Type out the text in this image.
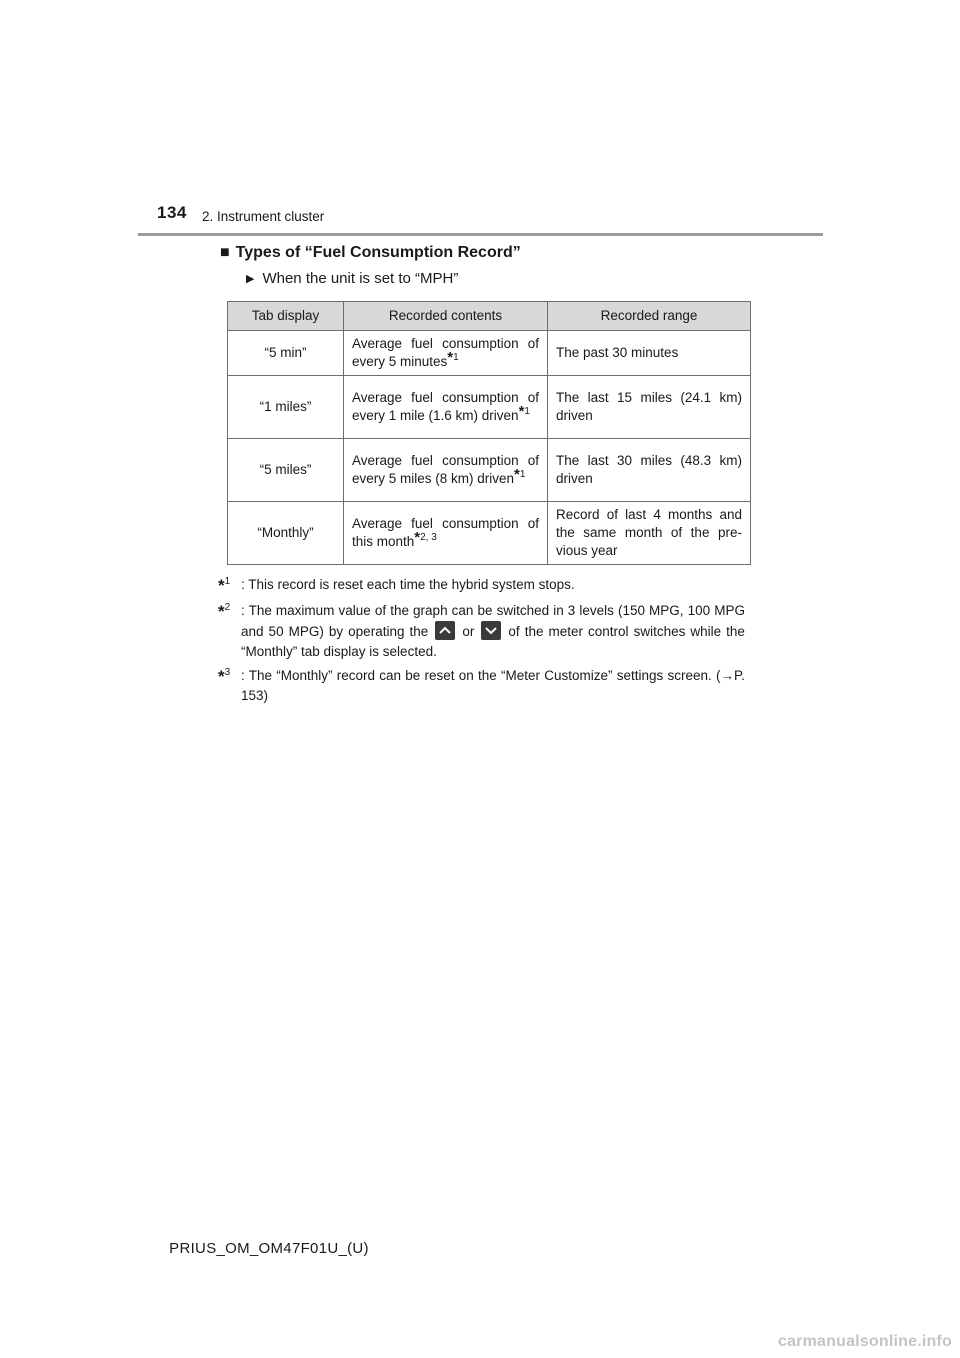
134 2. Instrument cluster
■ Types of “Fuel Consumption Record”
▶ When the unit is set to “MPH”
Tab display	Recorded contents	Recorded range
“5 min”	Average fuel consumption of every 5 minutes$^{*1}$	The past 30 minutes
“1 miles”	Average fuel consumption of every 1 mile (1.6 km) driven$^{*1}$	The last 15 miles (24.1 km) driven
“5 miles”	Average fuel consumption of every 5 miles (8 km) driven$^{*1}$	The last 30 miles (48.3 km) driven
“Monthly”	Average fuel consumption of this month$^{*2, 3}$	Record of last 4 months and the same month of the pre-vious year
*$^1$ : This record is reset each time the hybrid system stops.
*$^2$ : The maximum value of the graph can be switched in 3 levels (150 MPG, 100 MPG and 50 MPG) by operating the	or	of the meter control switches while the “Monthly” tab display is selected.
*$^3$ : The “Monthly” record can be reset on the “Meter Customize” settings screen. (→P. 153)
PRIUS_OM_OM47F01U_(U)
carmanualsonline.info
